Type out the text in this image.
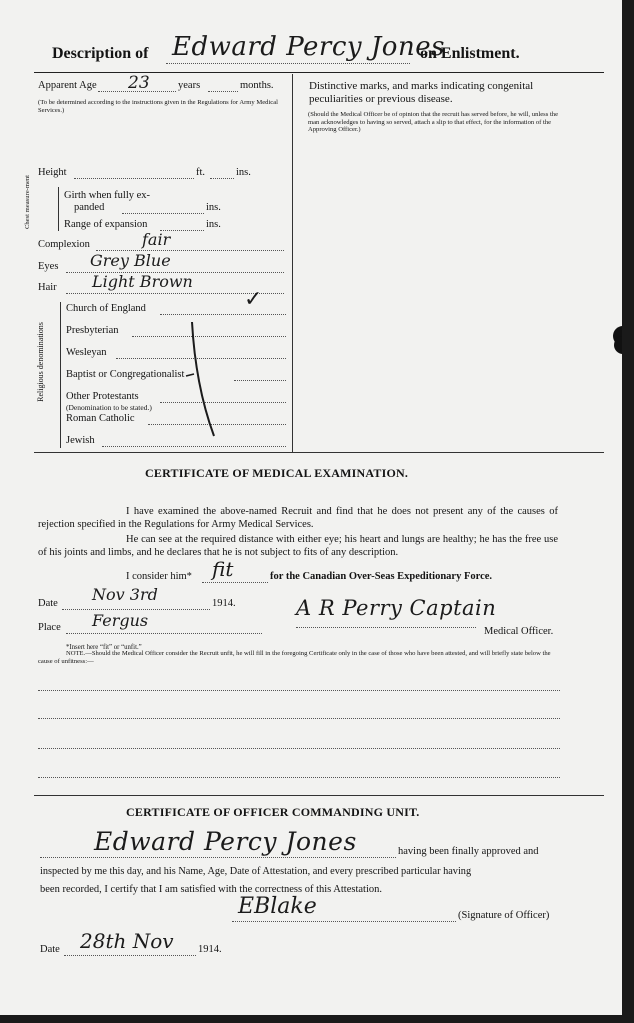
Description of Edward Percy Jones
on Enlistment.
Apparent Age 23	years	months.
(To be determined according to the instructions given in the Regulations for Army Medical Services.)
Height	ft.	ins.
Chest measure-ment	Girth when fully ex-
panded	ins.
Range of expansion	ins.
Complexion	fair
Eyes Grey Blue
Hair Light Brown
Religious denominations
Church of England	✓
Presbyterian
Wesleyan
Baptist or Congregationalist
Other Protestants
(Denomination to be stated.)
Roman Catholic
Jewish
Distinctive marks, and marks indicating congenital
peculiarities or previous disease.
(Should the Medical Officer be of opinion that the recruit has served before, he will, unless the man acknowledges to having so served, attach a slip to that effect, for the information of the Approving Officer.)
CERTIFICATE OF MEDICAL EXAMINATION.
I have examined the above-named Recruit and find that he does not present any of the causes of rejection specified in the Regulations for Army Medical Services.
He can see at the required distance with either eye; his heart and lungs are healthy; he has the free use of his joints and limbs, and he declares that he is not subject to fits of any description.
I consider him* fit	for the Canadian Over-Seas Expeditionary Force.
Date Nov 3rd	1914.
Place Fergus
A R Perry Captain
Medical Officer.
*Insert here “fit” or “unfit.”
NOTE.—Should the Medical Officer consider the Recruit unfit, he will fill in the foregoing Certificate only in the case of those who have been attested, and will briefly state below the cause of unfitness:—
CERTIFICATE OF OFFICER COMMANDING UNIT.
Edward Percy Jones	having been finally approved and
inspected by me this day, and his Name, Age, Date of Attestation, and every prescribed particular having
been recorded, I certify that I am satisfied with the correctness of this Attestation.
EBlake	(Signature of Officer)
Date 28th Nov 1914.
